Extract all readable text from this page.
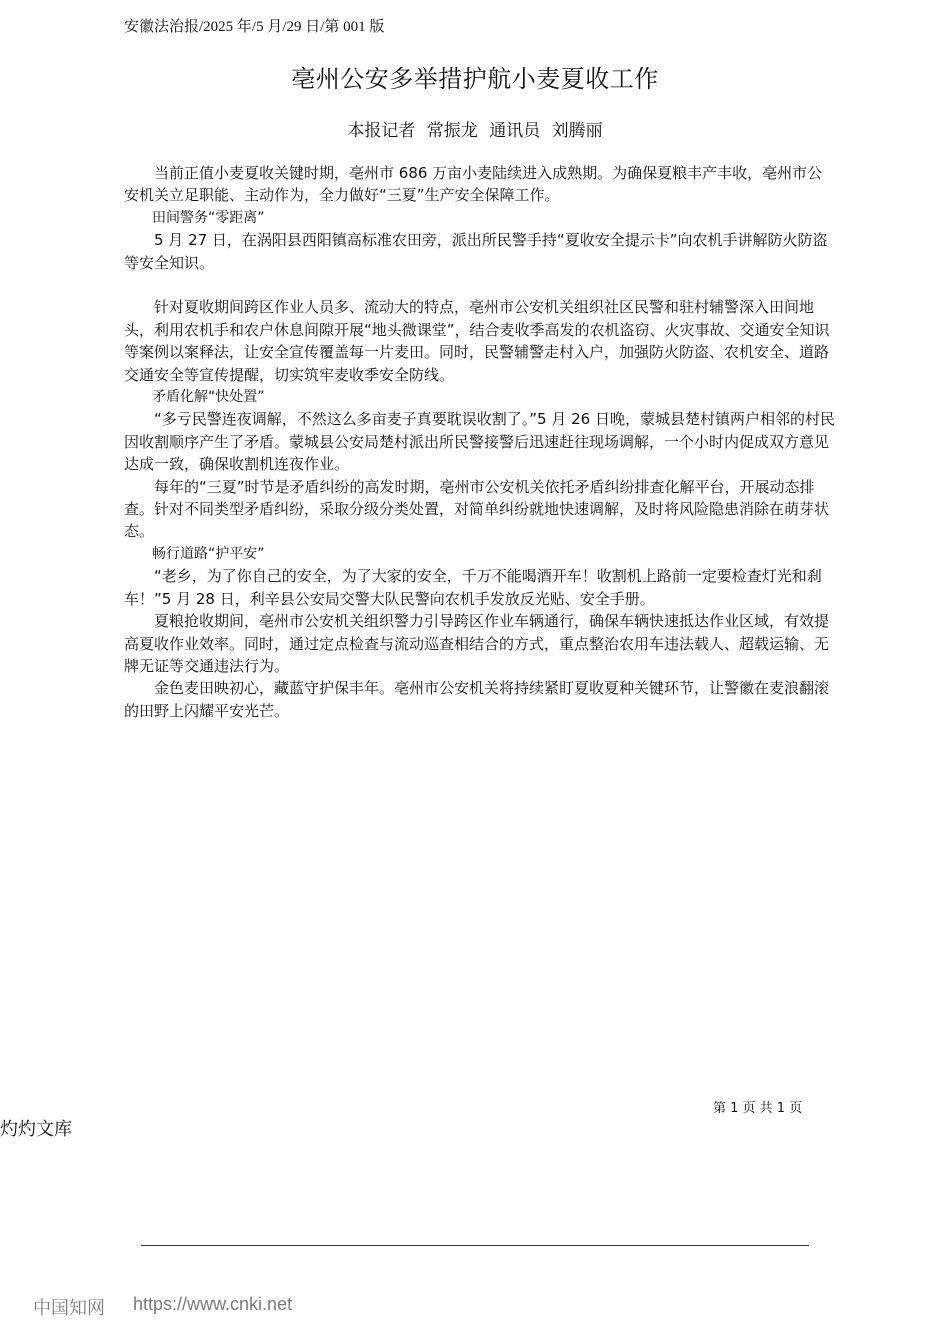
安徽法治报/2025 年/5 月/29 日/第 001 版
亳州公安多举措护航小麦夏收工作
本报记者 常振龙 通讯员 刘腾丽

当前正值小麦夏收关键时期，亳州市 686 万亩小麦陆续进入成熟期。为确保夏粮丰产丰收，亳州市公安机关立足职能、主动作为，全力做好“三夏”生产安全保障工作。

田间警务“零距离”

5 月 27 日，在涡阳县西阳镇高标准农田旁，派出所民警手持“夏收安全提示卡”向农机手讲解防火防盗等安全知识。

针对夏收期间跨区作业人员多、流动大的特点，亳州市公安机关组织社区民警和驻村辅警深入田间地头，利用农机手和农户休息间隙开展“地头微课堂”，结合麦收季高发的农机盗窃、火灾事故、交通安全知识等案例以案释法，让安全宣传覆盖每一片麦田。同时，民警辅警走村入户，加强防火防盗、农机安全、道路交通安全等宣传提醒，切实筑牢麦收季安全防线。

矛盾化解“快处置”

“多亏民警连夜调解，不然这么多亩麦子真要耽误收割了。”5 月 26 日晚，蒙城县楚村镇两户相邻的村民因收割顺序产生了矛盾。蒙城县公安局楚村派出所民警接警后迅速赶往现场调解，一个小时内促成双方意见达成一致，确保收割机连夜作业。

每年的“三夏”时节是矛盾纠纷的高发时期，亳州市公安机关依托矛盾纠纷排查化解平台，开展动态排查。针对不同类型矛盾纠纷，采取分级分类处置，对简单纠纷就地快速调解，及时将风险隐患消除在萌芽状态。

畅行道路“护平安”

“老乡，为了你自己的安全，为了大家的安全，千万不能喝酒开车！收割机上路前一定要检查灯光和刹车！”5 月 28 日，利辛县公安局交警大队民警向农机手发放反光贴、安全手册。

夏粮抢收期间，亳州市公安机关组织警力引导跨区作业车辆通行，确保车辆快速抵达作业区域，有效提高夏收作业效率。同时，通过定点检查与流动巡查相结合的方式，重点整治农用车违法载人、超载运输、无牌无证等交通违法行为。

金色麦田映初心，藏蓝守护保丰年。亳州市公安机关将持续紧盯夏收夏种关键环节，让警徽在麦浪翻滚的田野上闪耀平安光芒。

第 1 页 共 1 页
灼灼文库
中国知网 https://www.cnki.net
